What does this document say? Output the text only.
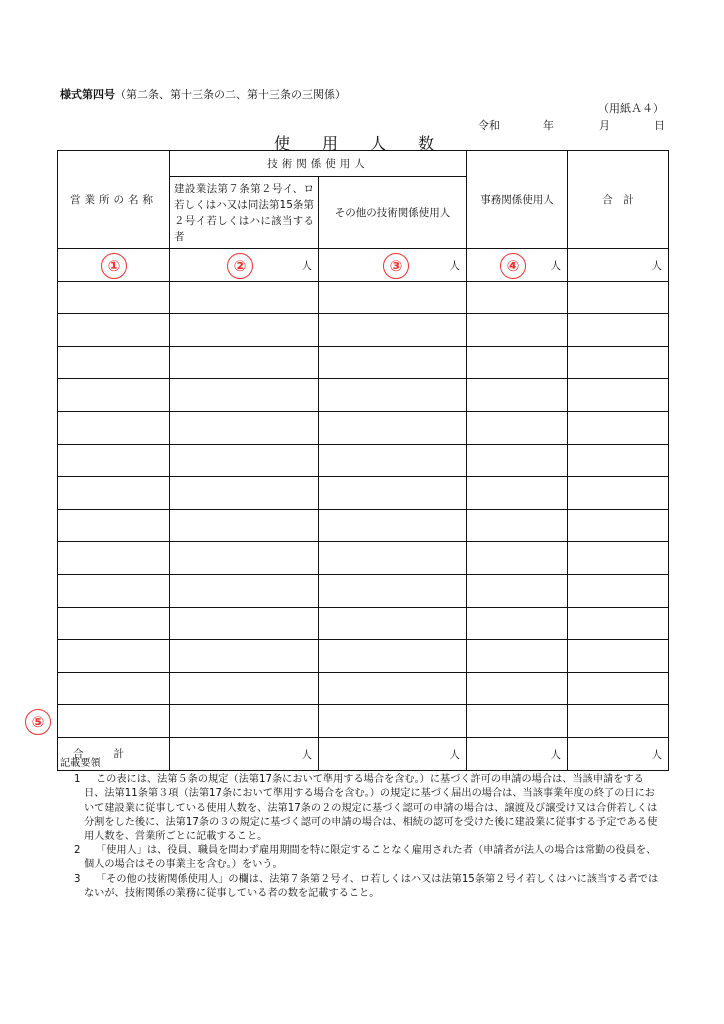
様式第四号（第二条、第十三条の二、第十三条の三関係）
（用紙Ａ４）
令和	年	月	日
使　　用　　人　　数
営業所の名称	技術関係使用人		事務関係使用人	合　計
	建設業法第７条第２号イ、ロ若しくはハ又は同法第15条第２号イ若しくはハに該当する者	その他の技術関係使用人		

①	② 人	③ 人	④ 人	人

合計	人	人	人	人
⑤
記載要領
1 この表には、法第５条の規定（法第17条において準用する場合を含む。）に基づく許可の申請の場合は、当該申請をする日、法第11条第３項（法第17条において準用する場合を含む。）の規定に基づく届出の場合は、当該事業年度の終了の日において建設業に従事している使用人数を、法第17条の２の規定に基づく認可の申請の場合は、譲渡及び譲受け又は合併若しくは分割をした後に、法第17条の３の規定に基づく認可の申請の場合は、相続の認可を受けた後に建設業に従事する予定である使用人数を、営業所ごとに記載すること。
2 「使用人」は、役員、職員を問わず雇用期間を特に限定することなく雇用された者（申請者が法人の場合は常勤の役員を、個人の場合はその事業主を含む。）をいう。
3 「その他の技術関係使用人」の欄は、法第７条第２号イ、ロ若しくはハ又は法第15条第２号イ若しくはハに該当する者ではないが、技術関係の業務に従事している者の数を記載すること。
